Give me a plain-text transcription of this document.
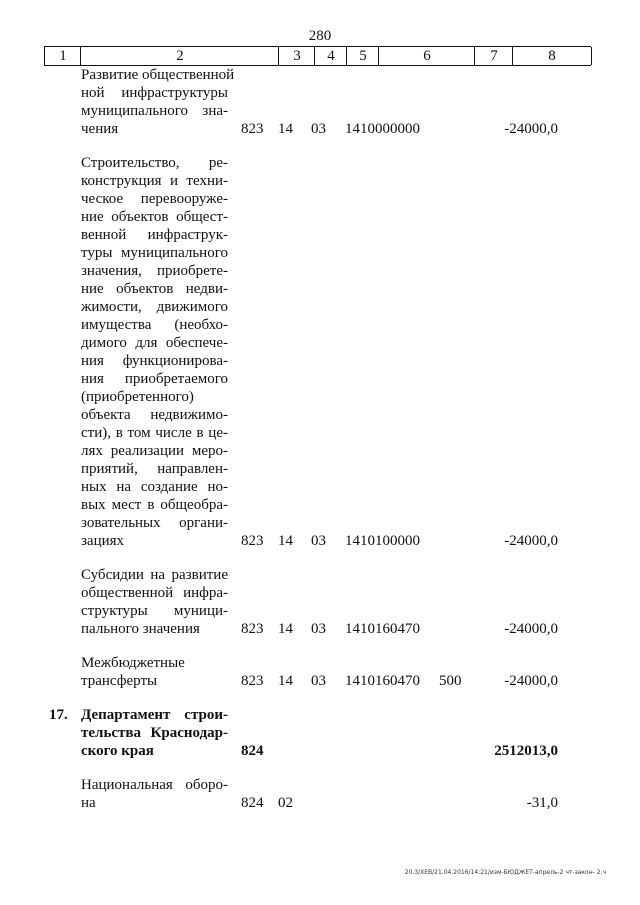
280
1	2	3	4	5	6	7	8
Развитие общественной
ной инфраструктуры
муниципального зна-
чения	823 14 03 1410000000	-24000,0
Строительство, ре-
конструкция и техни-
ческое перевооруже-
ние объектов общест-
венной инфраструк-
туры муниципального
значения, приобрете-
ние объектов недви-
жимости, движимого
имущества (необхо-
димого для обеспече-
ния функционирова-
ния приобретаемого
(приобретенного)
объекта недвижимо-
сти), в том числе в це-
лях реализации меро-
приятий, направлен-
ных на создание но-
вых мест в общеобра-
зовательных органи-
зациях	823 14 03 1410100000	-24000,0
Субсидии на развитие
общественной инфра-
структуры муници-
пального значения	823 14 03 1410160470	-24000,0
Межбюджетные
трансферты	823 14 03 1410160470 500	-24000,0
17. Департамент строи-
тельства Краснодар-
ского края	824	2512013,0
Национальная оборо-
на	824 02	-31,0
20.3/ХЕВ/21.04.2016/14:21/изм-БЮДЖЕТ-апрель-2 чт-закон- 2.ч
